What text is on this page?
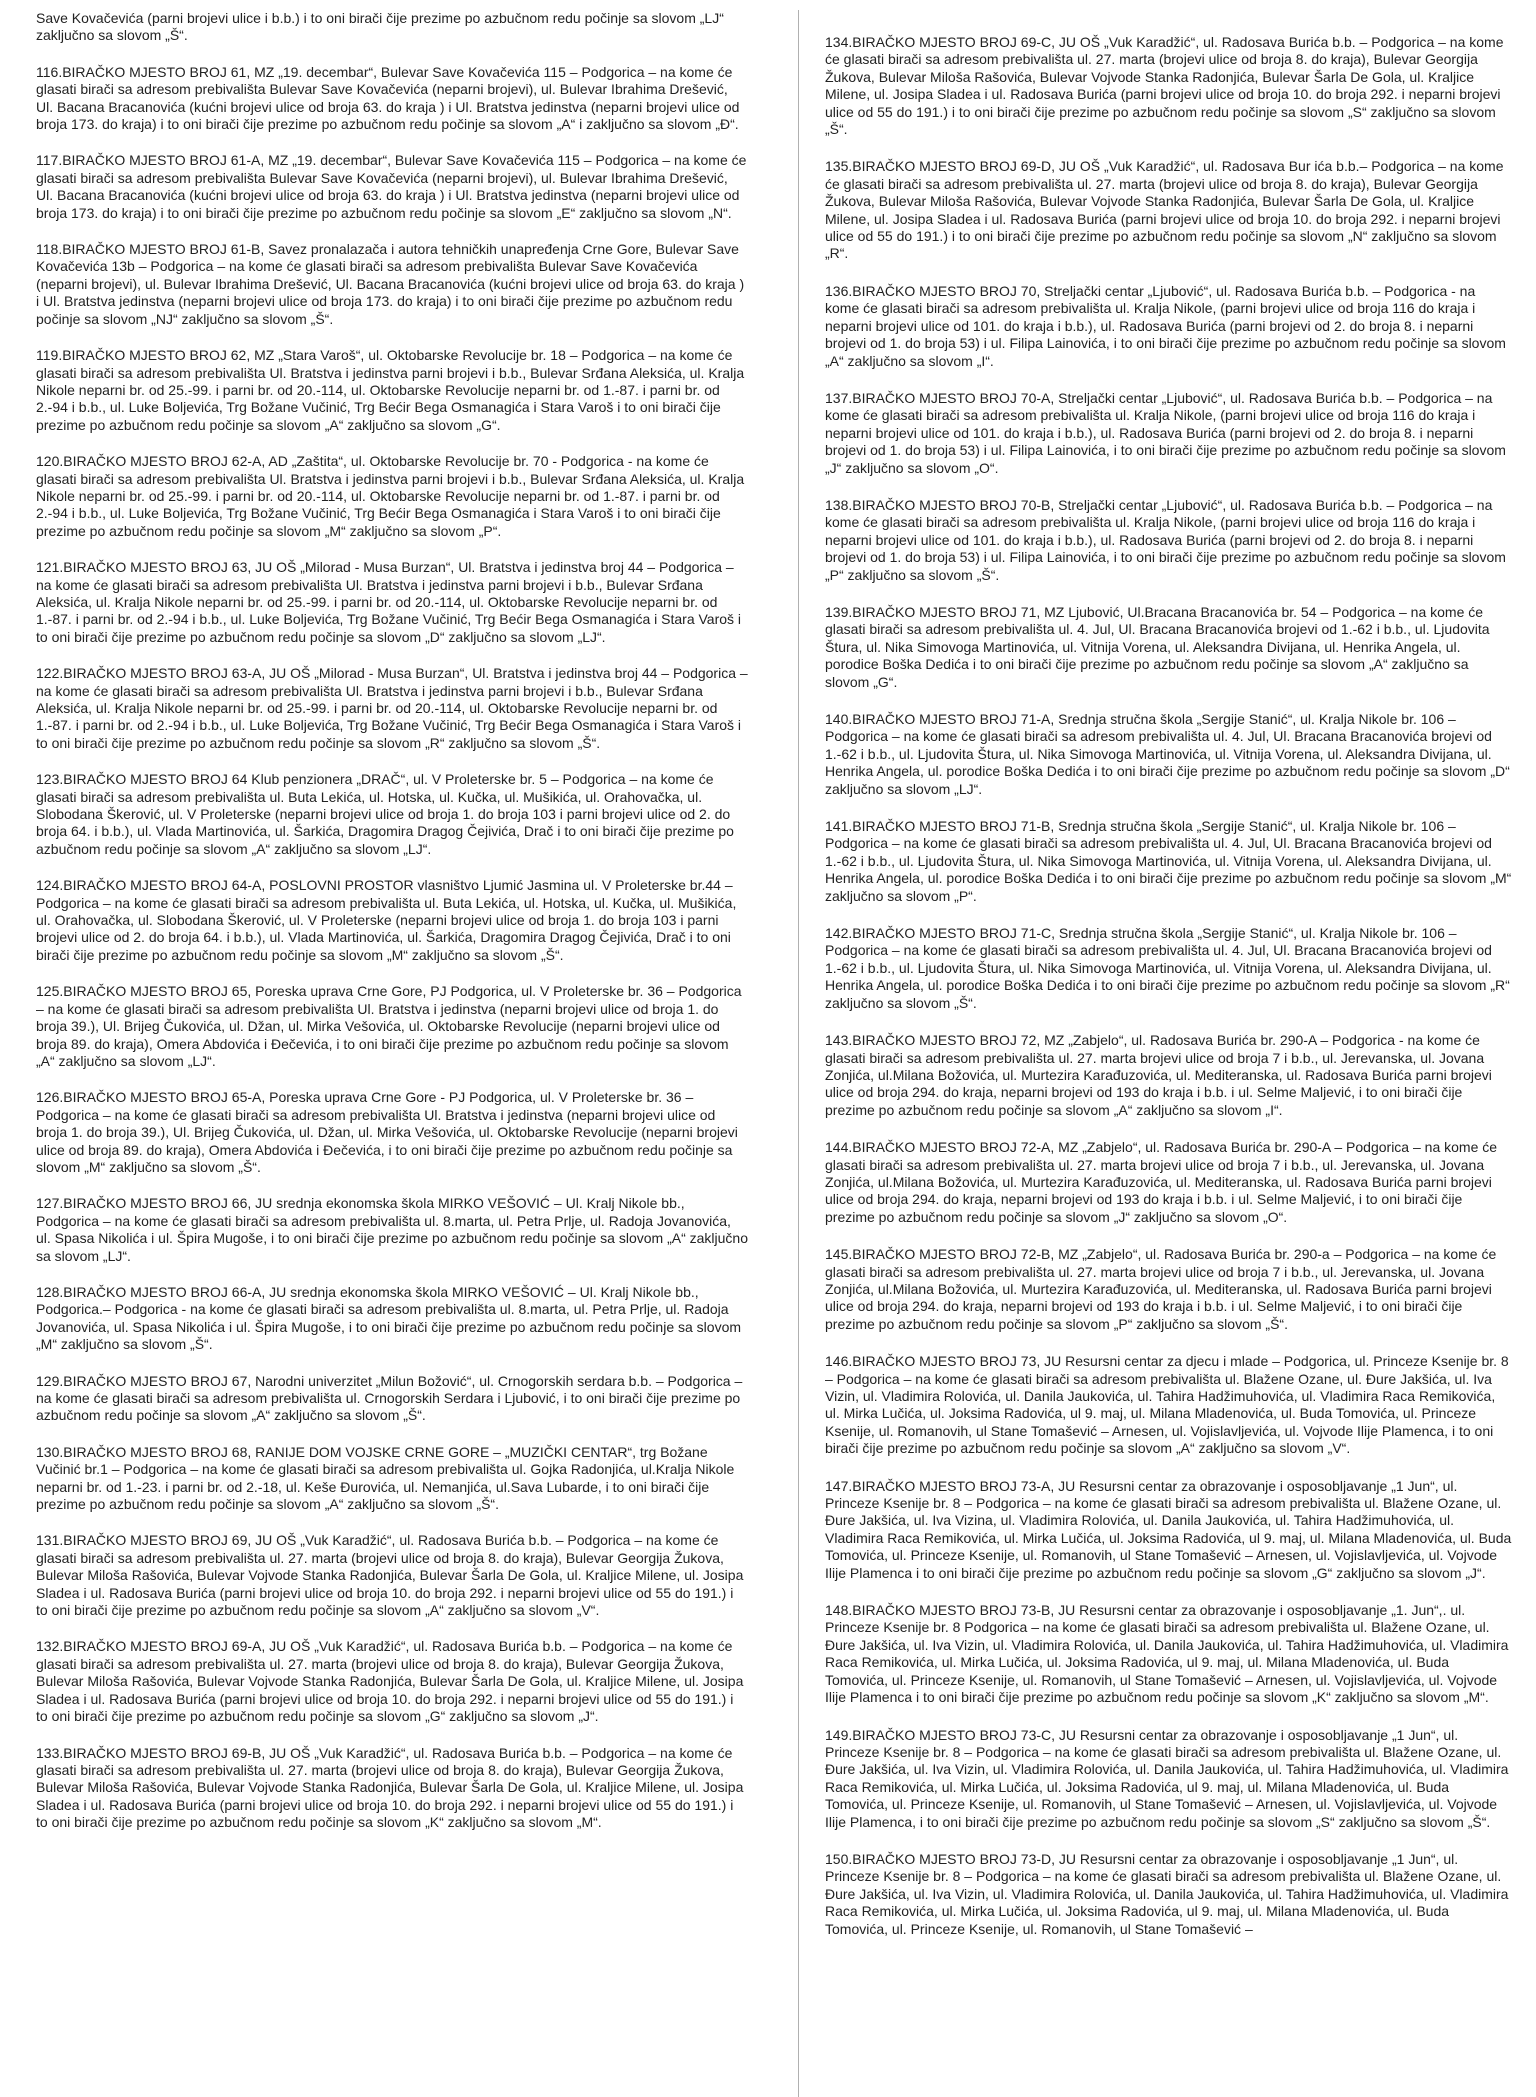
Save Kovačevića (parni brojevi ulice i b.b.) i to oni birači čije prezime po azbučnom redu počinje sa slovom „LJ“ zaključno sa slovom „Š“.

116.BIRAČKO MJESTO BROJ 61, MZ „19. decembar“, Bulevar Save Kovačevića 115 – Podgorica – na kome će glasati birači sa adresom prebivališta Bulevar Save Kovačevića (neparni brojevi), ul. Bulevar Ibrahima Drešević, Ul. Bacana Bracanovića (kućni brojevi ulice od broja 63. do kraja ) i Ul. Bratstva jedinstva (neparni brojevi ulice od broja 173. do kraja) i to oni birači čije prezime po azbučnom redu počinje sa slovom „A“ i zaključno sa slovom „Đ“.

117.BIRAČKO MJESTO BROJ 61-A, MZ „19. decembar“, Bulevar Save Kovačevića 115 – Podgorica – na kome će glasati birači sa adresom prebivališta Bulevar Save Kovačevića (neparni brojevi), ul. Bulevar Ibrahima Drešević, Ul. Bacana Bracanovića (kućni brojevi ulice od broja 63. do kraja ) i Ul. Bratstva jedinstva (neparni brojevi ulice od broja 173. do kraja) i to oni birači čije prezime po azbučnom redu počinje sa slovom „E“ zaključno sa slovom „N“.

118.BIRAČKO MJESTO BROJ 61-B, Savez pronalazača i autora tehničkih unapređenja Crne Gore, Bulevar Save Kovačevića 13b – Podgorica – na kome će glasati birači sa adresom prebivališta Bulevar Save Kovačevića (neparni brojevi), ul. Bulevar Ibrahima Drešević, Ul. Bacana Bracanovića (kućni brojevi ulice od broja 63. do kraja ) i Ul. Bratstva jedinstva (neparni brojevi ulice od broja 173. do kraja) i to oni birači čije prezime po azbučnom redu počinje sa slovom „NJ“ zaključno sa slovom „Š“.

119.BIRAČKO MJESTO BROJ 62, MZ „Stara Varoš“, ul. Oktobarske Revolucije br. 18 – Podgorica – na kome će glasati birači sa adresom prebivališta Ul. Bratstva i jedinstva parni brojevi i b.b., Bulevar Srđana Aleksića, ul. Kralja Nikole neparni br. od 25.-99. i parni br. od 20.-114, ul. Oktobarske Revolucije neparni br. od 1.-87. i parni br. od 2.-94 i b.b., ul. Luke Boljevića, Trg Božane Vučinić, Trg Bećir Bega Osmanagića i Stara Varoš i to oni birači čije prezime po azbučnom redu počinje sa slovom „A“ zaključno sa slovom „G“.

120.BIRAČKO MJESTO BROJ 62-A, AD „Zaštita“, ul. Oktobarske Revolucije br. 70 - Podgorica - na kome će glasati birači sa adresom prebivališta Ul. Bratstva i jedinstva parni brojevi i b.b., Bulevar Srđana Aleksića, ul. Kralja Nikole neparni br. od 25.-99. i parni br. od 20.-114, ul. Oktobarske Revolucije neparni br. od 1.-87. i parni br. od 2.-94 i b.b., ul. Luke Boljevića, Trg Božane Vučinić, Trg Bećir Bega Osmanagića i Stara Varoš i to oni birači čije prezime po azbučnom redu počinje sa slovom „M“ zaključno sa slovom „P“.

121.BIRAČKO MJESTO BROJ 63, JU OŠ „Milorad - Musa Burzan“, Ul. Bratstva i jedinstva broj 44 – Podgorica – na kome će glasati birači sa adresom prebivališta Ul. Bratstva i jedinstva parni brojevi i b.b., Bulevar Srđana Aleksića, ul. Kralja Nikole neparni br. od 25.-99. i parni br. od 20.-114, ul. Oktobarske Revolucije neparni br. od 1.-87. i parni br. od 2.-94 i b.b., ul. Luke Boljevića, Trg Božane Vučinić, Trg Bećir Bega Osmanagića i Stara Varoš i to oni birači čije prezime po azbučnom redu počinje sa slovom „D“ zaključno sa slovom „LJ“.

122.BIRAČKO MJESTO BROJ 63-A, JU OŠ „Milorad - Musa Burzan“, Ul. Bratstva i jedinstva broj 44 – Podgorica – na kome će glasati birači sa adresom prebivališta Ul. Bratstva i jedinstva parni brojevi i b.b., Bulevar Srđana Aleksića, ul. Kralja Nikole neparni br. od 25.-99. i parni br. od 20.-114, ul. Oktobarske Revolucije neparni br. od 1.-87. i parni br. od 2.-94 i b.b., ul. Luke Boljevića, Trg Božane Vučinić, Trg Bećir Bega Osmanagića i Stara Varoš i to oni birači čije prezime po azbučnom redu počinje sa slovom „R“ zaključno sa slovom „Š“.

123.BIRAČKO MJESTO BROJ 64 Klub penzionera „DRAČ“, ul. V Proleterske br. 5 – Podgorica – na kome će glasati birači sa adresom prebivališta ul. Buta Lekića, ul. Hotska, ul. Kučka, ul. Mušikića, ul. Orahovačka, ul. Slobodana Škerović, ul. V Proleterske (neparni brojevi ulice od broja 1. do broja 103 i parni brojevi ulice od 2. do broja 64. i b.b.), ul. Vlada Martinovića, ul. Šarkića, Dragomira Dragog Čejivića, Drač i to oni birači čije prezime po azbučnom redu počinje sa slovom „A“ zaključno sa slovom „LJ“.

124.BIRAČKO MJESTO BROJ 64-A, POSLOVNI PROSTOR vlasništvo Ljumić Jasmina ul. V Proleterske br.44 –Podgorica – na kome će glasati birači sa adresom prebivališta ul. Buta Lekića, ul. Hotska, ul. Kučka, ul. Mušikića, ul. Orahovačka, ul. Slobodana Škerović, ul. V Proleterske (neparni brojevi ulice od broja 1. do broja 103 i parni brojevi ulice od 2. do broja 64. i b.b.), ul. Vlada Martinovića, ul. Šarkića, Dragomira Dragog Čejivića, Drač i to oni birači čije prezime po azbučnom redu počinje sa slovom „M“ zaključno sa slovom „Š“.

125.BIRAČKO MJESTO BROJ 65, Poreska uprava Crne Gore, PJ Podgorica, ul. V Proleterske br. 36 – Podgorica – na kome će glasati birači sa adresom prebivališta Ul. Bratstva i jedinstva (neparni brojevi ulice od broja 1. do broja 39.), Ul. Brijeg Čukovića, ul. Džan, ul. Mirka Vešovića, ul. Oktobarske Revolucije (neparni brojevi ulice od broja 89. do kraja), Omera Abdovića i Đečevića, i to oni birači čije prezime po azbučnom redu počinje sa slovom „A“ zaključno sa slovom „LJ“.

126.BIRAČKO MJESTO BROJ 65-A, Poreska uprava Crne Gore - PJ Podgorica, ul. V Proleterske br. 36 – Podgorica – na kome će glasati birači sa adresom prebivališta Ul. Bratstva i jedinstva (neparni brojevi ulice od broja 1. do broja 39.), Ul. Brijeg Čukovića, ul. Džan, ul. Mirka Vešovića, ul. Oktobarske Revolucije (neparni brojevi ulice od broja 89. do kraja), Omera Abdovića i Đečevića, i to oni birači čije prezime po azbučnom redu počinje sa slovom „M“ zaključno sa slovom „Š“.

127.BIRAČKO MJESTO BROJ 66, JU srednja ekonomska škola MIRKO VEŠOVIĆ – Ul. Kralj Nikole bb., Podgorica – na kome će glasati birači sa adresom prebivališta ul. 8.marta, ul. Petra Prlje, ul. Radoja Jovanovića, ul. Spasa Nikolića i ul. Špira Mugoše, i to oni birači čije prezime po azbučnom redu počinje sa slovom „A“ zaključno sa slovom „LJ“.

128.BIRAČKO MJESTO BROJ 66-A, JU srednja ekonomska škola MIRKO VEŠOVIĆ – Ul. Kralj Nikole bb., Podgorica.– Podgorica - na kome će glasati birači sa adresom prebivališta ul. 8.marta, ul. Petra Prlje, ul. Radoja Jovanovića, ul. Spasa Nikolića i ul. Špira Mugoše, i to oni birači čije prezime po azbučnom redu počinje sa slovom „M“ zaključno sa slovom „Š“.

129.BIRAČKO MJESTO BROJ 67, Narodni univerzitet „Milun Božović“, ul. Crnogorskih serdara b.b. – Podgorica – na kome će glasati birači sa adresom prebivališta ul. Crnogorskih Serdara i Ljubović, i to oni birači čije prezime po azbučnom redu počinje sa slovom „A“ zaključno sa slovom „Š“.

130.BIRAČKO MJESTO BROJ 68, RANIJE DOM VOJSKE CRNE GORE – „MUZIČKI CENTAR“, trg Božane Vučinić br.1 – Podgorica – na kome će glasati birači sa adresom prebivališta ul. Gojka Radonjića, ul.Kralja Nikole neparni br. od 1.-23. i parni br. od 2.-18, ul. Keše Đurovića, ul. Nemanjića, ul.Sava Lubarde, i to oni birači čije prezime po azbučnom redu počinje sa slovom „A“ zaključno sa slovom „Š“.

131.BIRAČKO MJESTO BROJ 69, JU OŠ „Vuk Karadžić“, ul. Radosava Burića b.b. – Podgorica – na kome će glasati birači sa adresom prebivališta ul. 27. marta (brojevi ulice od broja 8. do kraja), Bulevar Georgija Žukova, Bulevar Miloša Rašovića, Bulevar Vojvode Stanka Radonjića, Bulevar Šarla De Gola, ul. Kraljice Milene, ul. Josipa Sladea i ul. Radosava Burića (parni brojevi ulice od broja 10. do broja 292. i neparni brojevi ulice od 55 do 191.) i to oni birači čije prezime po azbučnom redu počinje sa slovom „A“ zaključno sa slovom „V“.

132.BIRAČKO MJESTO BROJ 69-A, JU OŠ „Vuk Karadžić“, ul. Radosava Burića b.b. – Podgorica – na kome će glasati birači sa adresom prebivališta ul. 27. marta (brojevi ulice od broja 8. do kraja), Bulevar Georgija Žukova, Bulevar Miloša Rašovića, Bulevar Vojvode Stanka Radonjića, Bulevar Šarla De Gola, ul. Kraljice Milene, ul. Josipa Sladea i ul. Radosava Burića (parni brojevi ulice od broja 10. do broja 292. i neparni brojevi ulice od 55 do 191.) i to oni birači čije prezime po azbučnom redu počinje sa slovom „G“ zaključno sa slovom „J“.

133.BIRAČKO MJESTO BROJ 69-B, JU OŠ „Vuk Karadžić“, ul. Radosava Burića b.b. – Podgorica – na kome će glasati birači sa adresom prebivališta ul. 27. marta (brojevi ulice od broja 8. do kraja), Bulevar Georgija Žukova, Bulevar Miloša Rašovića, Bulevar Vojvode Stanka Radonjića, Bulevar Šarla De Gola, ul. Kraljice Milene, ul. Josipa Sladea i ul. Radosava Burića (parni brojevi ulice od broja 10. do broja 292. i neparni brojevi ulice od 55 do 191.) i to oni birači čije prezime po azbučnom redu počinje sa slovom „K“ zaključno sa slovom „M“.

134.BIRAČKO MJESTO BROJ 69-C, JU OŠ „Vuk Karadžić“, ul. Radosava Burića b.b. – Podgorica – na kome će glasati birači sa adresom prebivališta ul. 27. marta (brojevi ulice od broja 8. do kraja), Bulevar Georgija Žukova, Bulevar Miloša Rašovića, Bulevar Vojvode Stanka Radonjića, Bulevar Šarla De Gola, ul. Kraljice Milene, ul. Josipa Sladea i ul. Radosava Burića (parni brojevi ulice od broja 10. do broja 292. i neparni brojevi ulice od 55 do 191.) i to oni birači čije prezime po azbučnom redu počinje sa slovom „S“ zaključno sa slovom „Š“.

135.BIRAČKO MJESTO BROJ 69-D, JU OŠ „Vuk Karadžić“, ul. Radosava Bur ića b.b.– Podgorica – na kome će glasati birači sa adresom prebivališta ul. 27. marta (brojevi ulice od broja 8. do kraja), Bulevar Georgija Žukova, Bulevar Miloša Rašovića, Bulevar Vojvode Stanka Radonjića, Bulevar Šarla De Gola, ul. Kraljice Milene, ul. Josipa Sladea i ul. Radosava Burića (parni brojevi ulice od broja 10. do broja 292. i neparni brojevi ulice od 55 do 191.) i to oni birači čije prezime po azbučnom redu počinje sa slovom „N“ zaključno sa slovom „R“.

136.BIRAČKO MJESTO BROJ 70, Streljački centar „Ljubović“, ul. Radosava Burića b.b. – Podgorica - na kome će glasati birači sa adresom prebivališta ul. Kralja Nikole, (parni brojevi ulice od broja 116 do kraja i neparni brojevi ulice od 101. do kraja i b.b.), ul. Radosava Burića (parni brojevi od 2. do broja 8. i neparni brojevi od 1. do broja 53) i ul. Filipa Lainovića, i to oni birači čije prezime po azbučnom redu počinje sa slovom „A“ zaključno sa slovom „I“.

137.BIRAČKO MJESTO BROJ 70-A, Streljački centar „Ljubović“, ul. Radosava Burića b.b. – Podgorica – na kome će glasati birači sa adresom prebivališta ul. Kralja Nikole, (parni brojevi ulice od broja 116 do kraja i neparni brojevi ulice od 101. do kraja i b.b.), ul. Radosava Burića (parni brojevi od 2. do broja 8. i neparni brojevi od 1. do broja 53) i ul. Filipa Lainovića, i to oni birači čije prezime po azbučnom redu počinje sa slovom „J“ zaključno sa slovom „O“.

138.BIRAČKO MJESTO BROJ 70-B, Streljački centar „Ljubović“, ul. Radosava Burića b.b. – Podgorica – na kome će glasati birači sa adresom prebivališta ul. Kralja Nikole, (parni brojevi ulice od broja 116 do kraja i neparni brojevi ulice od 101. do kraja i b.b.), ul. Radosava Burića (parni brojevi od 2. do broja 8. i neparni brojevi od 1. do broja 53) i ul. Filipa Lainovića, i to oni birači čije prezime po azbučnom redu počinje sa slovom „P“ zaključno sa slovom „Š“.

139.BIRAČKO MJESTO BROJ 71, MZ Ljubović, Ul.Bracana Bracanovića br. 54 – Podgorica – na kome će glasati birači sa adresom prebivališta ul. 4. Jul, Ul. Bracana Bracanovića brojevi od 1.-62 i b.b., ul. Ljudovita Štura, ul. Nika Simovoga Martinovića, ul. Vitnija Vorena, ul. Aleksandra Divijana, ul. Henrika Angela, ul. porodice Boška Dedića i to oni birači čije prezime po azbučnom redu počinje sa slovom „A“ zaključno sa slovom „G“.

140.BIRAČKO MJESTO BROJ 71-A, Srednja stručna škola „Sergije Stanić“, ul. Kralja Nikole br. 106 – Podgorica – na kome će glasati birači sa adresom prebivališta ul. 4. Jul, Ul. Bracana Bracanovića brojevi od 1.-62 i b.b., ul. Ljudovita Štura, ul. Nika Simovoga Martinovića, ul. Vitnija Vorena, ul. Aleksandra Divijana, ul. Henrika Angela, ul. porodice Boška Dedića i to oni birači čije prezime po azbučnom redu počinje sa slovom „D“ zaključno sa slovom „LJ“.

141.BIRAČKO MJESTO BROJ 71-B, Srednja stručna škola „Sergije Stanić“, ul. Kralja Nikole br. 106 – Podgorica – na kome će glasati birači sa adresom prebivališta ul. 4. Jul, Ul. Bracana Bracanovića brojevi od 1.-62 i b.b., ul. Ljudovita Štura, ul. Nika Simovoga Martinovića, ul. Vitnija Vorena, ul. Aleksandra Divijana, ul. Henrika Angela, ul. porodice Boška Dedića i to oni birači čije prezime po azbučnom redu počinje sa slovom „M“ zaključno sa slovom „P“.

142.BIRAČKO MJESTO BROJ 71-C, Srednja stručna škola „Sergije Stanić“, ul. Kralja Nikole br. 106 – Podgorica – na kome će glasati birači sa adresom prebivališta ul. 4. Jul, Ul. Bracana Bracanovića brojevi od 1.-62 i b.b., ul. Ljudovita Štura, ul. Nika Simovoga Martinovića, ul. Vitnija Vorena, ul. Aleksandra Divijana, ul. Henrika Angela, ul. porodice Boška Dedića i to oni birači čije prezime po azbučnom redu počinje sa slovom „R“ zaključno sa slovom „Š“.

143.BIRAČKO MJESTO BROJ 72, MZ „Zabjelo“, ul. Radosava Burića br. 290-A – Podgorica - na kome će glasati birači sa adresom prebivališta ul. 27. marta brojevi ulice od broja 7 i b.b., ul. Jerevanska, ul. Jovana Zonjića, ul.Milana Božovića, ul. Murtezira Karađuzovića, ul. Mediteranska, ul. Radosava Burića parni brojevi ulice od broja 294. do kraja, neparni brojevi od 193 do kraja i b.b. i ul. Selme Maljević, i to oni birači čije prezime po azbučnom redu počinje sa slovom „A“ zaključno sa slovom „I“.

144.BIRAČKO MJESTO BROJ 72-A, MZ „Zabjelo“, ul. Radosava Burića br. 290-A – Podgorica – na kome će glasati birači sa adresom prebivališta ul. 27. marta brojevi ulice od broja 7 i b.b., ul. Jerevanska, ul. Jovana Zonjića, ul.Milana Božovića, ul. Murtezira Karađuzovića, ul. Mediteranska, ul. Radosava Burića parni brojevi ulice od broja 294. do kraja, neparni brojevi od 193 do kraja i b.b. i ul. Selme Maljević, i to oni birači čije prezime po azbučnom redu počinje sa slovom „J“ zaključno sa slovom „O“.

145.BIRAČKO MJESTO BROJ 72-B, MZ „Zabjelo“, ul. Radosava Burića br. 290-a – Podgorica – na kome će glasati birači sa adresom prebivališta ul. 27. marta brojevi ulice od broja 7 i b.b., ul. Jerevanska, ul. Jovana Zonjića, ul.Milana Božovića, ul. Murtezira Karađuzovića, ul. Mediteranska, ul. Radosava Burića parni brojevi ulice od broja 294. do kraja, neparni brojevi od 193 do kraja i b.b. i ul. Selme Maljević, i to oni birači čije prezime po azbučnom redu počinje sa slovom „P“ zaključno sa slovom „Š“.

146.BIRAČKO MJESTO BROJ 73, JU Resursni centar za djecu i mlade – Podgorica, ul. Princeze Ksenije br. 8 – Podgorica – na kome će glasati birači sa adresom prebivališta ul. Blažene Ozane, ul. Đure Jakšića, ul. Iva Vizin, ul. Vladimira Rolovića, ul. Danila Jaukovića, ul. Tahira Hadžimuhovića, ul. Vladimira Raca Remikovića, ul. Mirka Lučića, ul. Joksima Radovića, ul 9. maj, ul. Milana Mladenovića, ul. Buda Tomovića, ul. Princeze Ksenije, ul. Romanovih, ul Stane Tomašević – Arnesen, ul. Vojislavljevića, ul. Vojvode Ilije Plamenca, i to oni birači čije prezime po azbučnom redu počinje sa slovom „A“ zaključno sa slovom „V“.

147.BIRAČKO MJESTO BROJ 73-A, JU Resursni centar za obrazovanje i osposobljavanje „1 Jun“, ul. Princeze Ksenije br. 8 – Podgorica – na kome će glasati birači sa adresom prebivališta ul. Blažene Ozane, ul. Đure Jakšića, ul. Iva Vizina, ul. Vladimira Rolovića, ul. Danila Jaukovića, ul. Tahira Hadžimuhovića, ul. Vladimira Raca Remikovića, ul. Mirka Lučića, ul. Joksima Radovića, ul 9. maj, ul. Milana Mladenovića, ul. Buda Tomovića, ul. Princeze Ksenije, ul. Romanovih, ul Stane Tomašević – Arnesen, ul. Vojislavljevića, ul. Vojvode Ilije Plamenca i to oni birači čije prezime po azbučnom redu počinje sa slovom „G“ zaključno sa slovom „J“.

148.BIRAČKO MJESTO BROJ 73-B, JU Resursni centar za obrazovanje i osposobljavanje „1. Jun“,. ul. Princeze Ksenije br. 8 Podgorica – na kome će glasati birači sa adresom prebivališta ul. Blažene Ozane, ul. Đure Jakšića, ul. Iva Vizin, ul. Vladimira Rolovića, ul. Danila Jaukovića, ul. Tahira Hadžimuhovića, ul. Vladimira Raca Remikovića, ul. Mirka Lučića, ul. Joksima Radovića, ul 9. maj, ul. Milana Mladenovića, ul. Buda Tomovića, ul. Princeze Ksenije, ul. Romanovih, ul Stane Tomašević – Arnesen, ul. Vojislavljevića, ul. Vojvode Ilije Plamenca i to oni birači čije prezime po azbučnom redu počinje sa slovom „K“ zaključno sa slovom „M“.

149.BIRAČKO MJESTO BROJ 73-C, JU Resursni centar za obrazovanje i osposobljavanje „1 Jun“, ul. Princeze Ksenije br. 8 – Podgorica – na kome će glasati birači sa adresom prebivališta ul. Blažene Ozane, ul. Đure Jakšića, ul. Iva Vizin, ul. Vladimira Rolovića, ul. Danila Jaukovića, ul. Tahira Hadžimuhovića, ul. Vladimira Raca Remikovića, ul. Mirka Lučića, ul. Joksima Radovića, ul 9. maj, ul. Milana Mladenovića, ul. Buda Tomovića, ul. Princeze Ksenije, ul. Romanovih, ul Stane Tomašević – Arnesen, ul. Vojislavljevića, ul. Vojvode Ilije Plamenca, i to oni birači čije prezime po azbučnom redu počinje sa slovom „S“ zaključno sa slovom „Š“.

150.BIRAČKO MJESTO BROJ 73-D, JU Resursni centar za obrazovanje i osposobljavanje „1 Jun“, ul. Princeze Ksenije br. 8 – Podgorica – na kome će glasati birači sa adresom prebivališta ul. Blažene Ozane, ul. Đure Jakšića, ul. Iva Vizin, ul. Vladimira Rolovića, ul. Danila Jaukovića, ul. Tahira Hadžimuhovića, ul. Vladimira Raca Remikovića, ul. Mirka Lučića, ul. Joksima Radovića, ul 9. maj, ul. Milana Mladenovića, ul. Buda Tomovića, ul. Princeze Ksenije, ul. Romanovih, ul Stane Tomašević –
